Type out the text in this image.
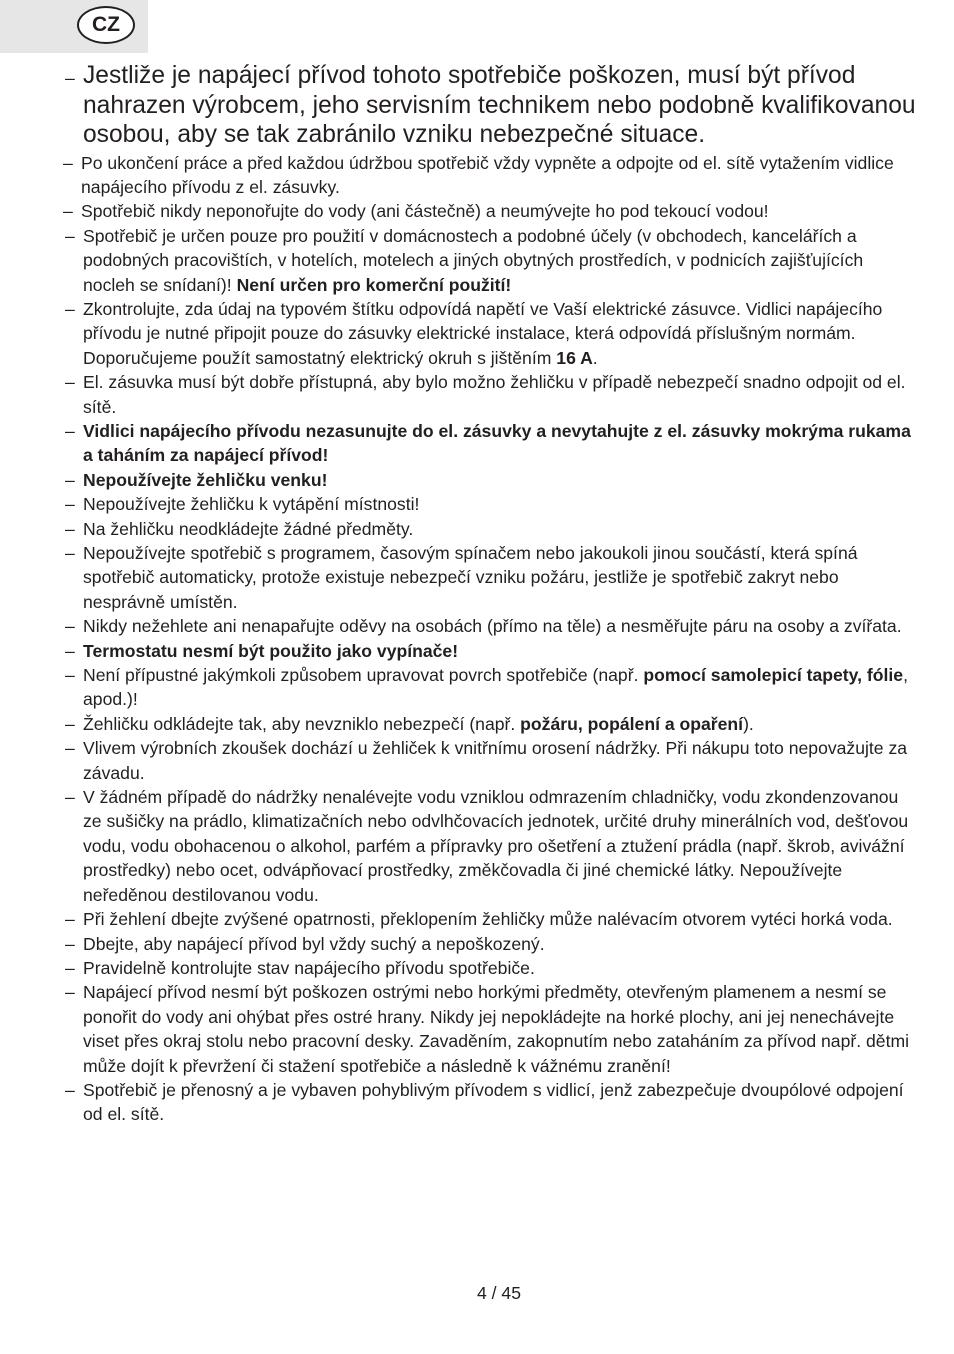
CZ

– Jestliže je napájecí přívod tohoto spotřebiče poškozen, musí být přívod nahrazen výrobcem, jeho servisním technikem nebo podobně kvalifikovanou osobou, aby se tak zabránilo vzniku nebezpečné situace.

– Po ukončení práce a před každou údržbou spotřebič vždy vypněte a odpojte od el. sítě vytažením vidlice napájecího přívodu z el. zásuvky.

– Spotřebič nikdy neponořujte do vody (ani částečně) a neumývejte ho pod tekoucí vodou!

– Spotřebič je určen pouze pro použití v domácnostech a podobné účely (v obchodech, kancelářích a podobných pracovištích, v hotelích, motelech a jiných obytných prostředích, v podnicích zajišťujících nocleh se snídaní)! Není určen pro komerční použití!

– Zkontrolujte, zda údaj na typovém štítku odpovídá napětí ve Vaší elektrické zásuvce. Vidlici napájecího přívodu je nutné připojit pouze do zásuvky elektrické instalace, která odpovídá příslušným normám. Doporučujeme použít samostatný elektrický okruh s jištěním 16 A.

– El. zásuvka musí být dobře přístupná, aby bylo možno žehličku v případě nebezpečí snadno odpojit od el. sítě.

– Vidlici napájecího přívodu nezasunujte do el. zásuvky a nevytahujte z el. zásuvky mokrýma rukama a taháním za napájecí přívod!

– Nepoužívejte žehličku venku!

– Nepoužívejte žehličku k vytápění místnosti!

– Na žehličku neodkládejte žádné předměty.

– Nepoužívejte spotřebič s programem, časovým spínačem nebo jakoukoli jinou součástí, která spíná spotřebič automaticky, protože existuje nebezpečí vzniku požáru, jestliže je spotřebič zakryt nebo nesprávně umístěn.

– Nikdy nežehlete ani nenapařujte oděvy na osobách (přímo na těle) a nesměřujte páru na osoby a zvířata.

– Termostatu nesmí být použito jako vypínače!

– Není přípustné jakýmkoli způsobem upravovat povrch spotřebiče (např. pomocí samolepicí tapety, fólie, apod.)!

– Žehličku odkládejte tak, aby nevzniklo nebezpečí (např. požáru, popálení a opaření).

– Vlivem výrobních zkoušek dochází u žehliček k vnitřnímu orosení nádržky. Při nákupu toto nepovažujte za závadu.

– V žádném případě do nádržky nenalévejte vodu vzniklou odmrazením chladničky, vodu zkondenzovanou ze sušičky na prádlo, klimatizačních nebo odvlhčovacích jednotek, určité druhy minerálních vod, dešťovou vodu, vodu obohacenou o alkohol, parfém a přípravky pro ošetření a ztužení prádla (např. škrob, avivážní prostředky) nebo ocet, odvápňovací prostředky, změkčovadla či jiné chemické látky. Nepoužívejte neředěnou destilovanou vodu.

– Při žehlení dbejte zvýšené opatrnosti, překlopením žehličky může nalévacím otvorem vytéci horká voda.

– Dbejte, aby napájecí přívod byl vždy suchý a nepoškozený.

– Pravidelně kontrolujte stav napájecího přívodu spotřebiče.

– Napájecí přívod nesmí být poškozen ostrými nebo horkými předměty, otevřeným plamenem a nesmí se ponořit do vody ani ohýbat přes ostré hrany. Nikdy jej nepokládejte na horké plochy, ani jej nenechávejte viset přes okraj stolu nebo pracovní desky. Zavaděním, zakopnutím nebo zataháním za přívod např. dětmi může dojít k převržení či stažení spotřebiče a následně k vážnému zranění!

– Spotřebič je přenosný a je vybaven pohyblivým přívodem s vidlicí, jenž zabezpečuje dvoupólové odpojení od el. sítě.

4 / 45
